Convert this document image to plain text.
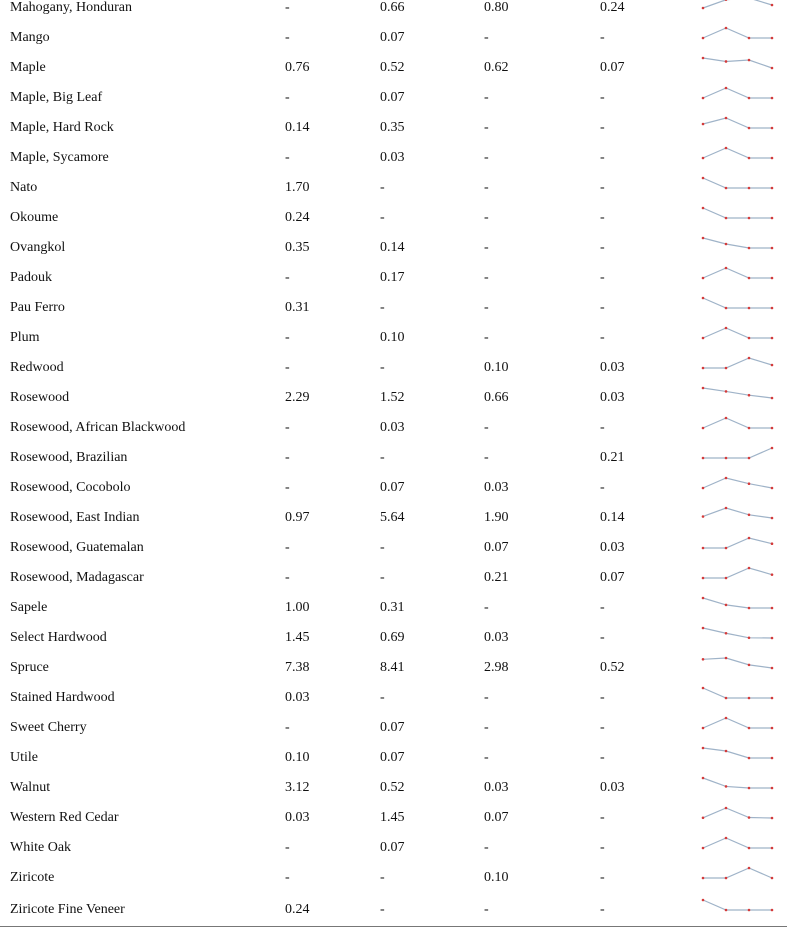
Mahogany, Honduran	-	0.66	0.80	0.24
Mango	-	0.07	-	-
Maple	0.76	0.52	0.62	0.07
Maple, Big Leaf	-	0.07	-	-
Maple, Hard Rock	0.14	0.35	-	-
Maple, Sycamore	-	0.03	-	-
Nato	1.70	-	-	-
Okoume	0.24	-	-	-
Ovangkol	0.35	0.14	-	-
Padouk	-	0.17	-	-
Pau Ferro	0.31	-	-	-
Plum	-	0.10	-	-
Redwood	-	-	0.10	0.03
Rosewood	2.29	1.52	0.66	0.03
Rosewood, African Blackwood	-	0.03	-	-
Rosewood, Brazilian	-	-	-	0.21
Rosewood, Cocobolo	-	0.07	0.03	-
Rosewood, East Indian	0.97	5.64	1.90	0.14
Rosewood, Guatemalan	-	-	0.07	0.03
Rosewood, Madagascar	-	-	0.21	0.07
Sapele	1.00	0.31	-	-
Select Hardwood	1.45	0.69	0.03	-
Spruce	7.38	8.41	2.98	0.52
Stained Hardwood	0.03	-	-	-
Sweet Cherry	-	0.07	-	-
Utile	0.10	0.07	-	-
Walnut	3.12	0.52	0.03	0.03
Western Red Cedar	0.03	1.45	0.07	-
White Oak	-	0.07	-	-
Ziricote	-	-	0.10	-
Ziricote Fine Veneer	0.24	-	-	-
